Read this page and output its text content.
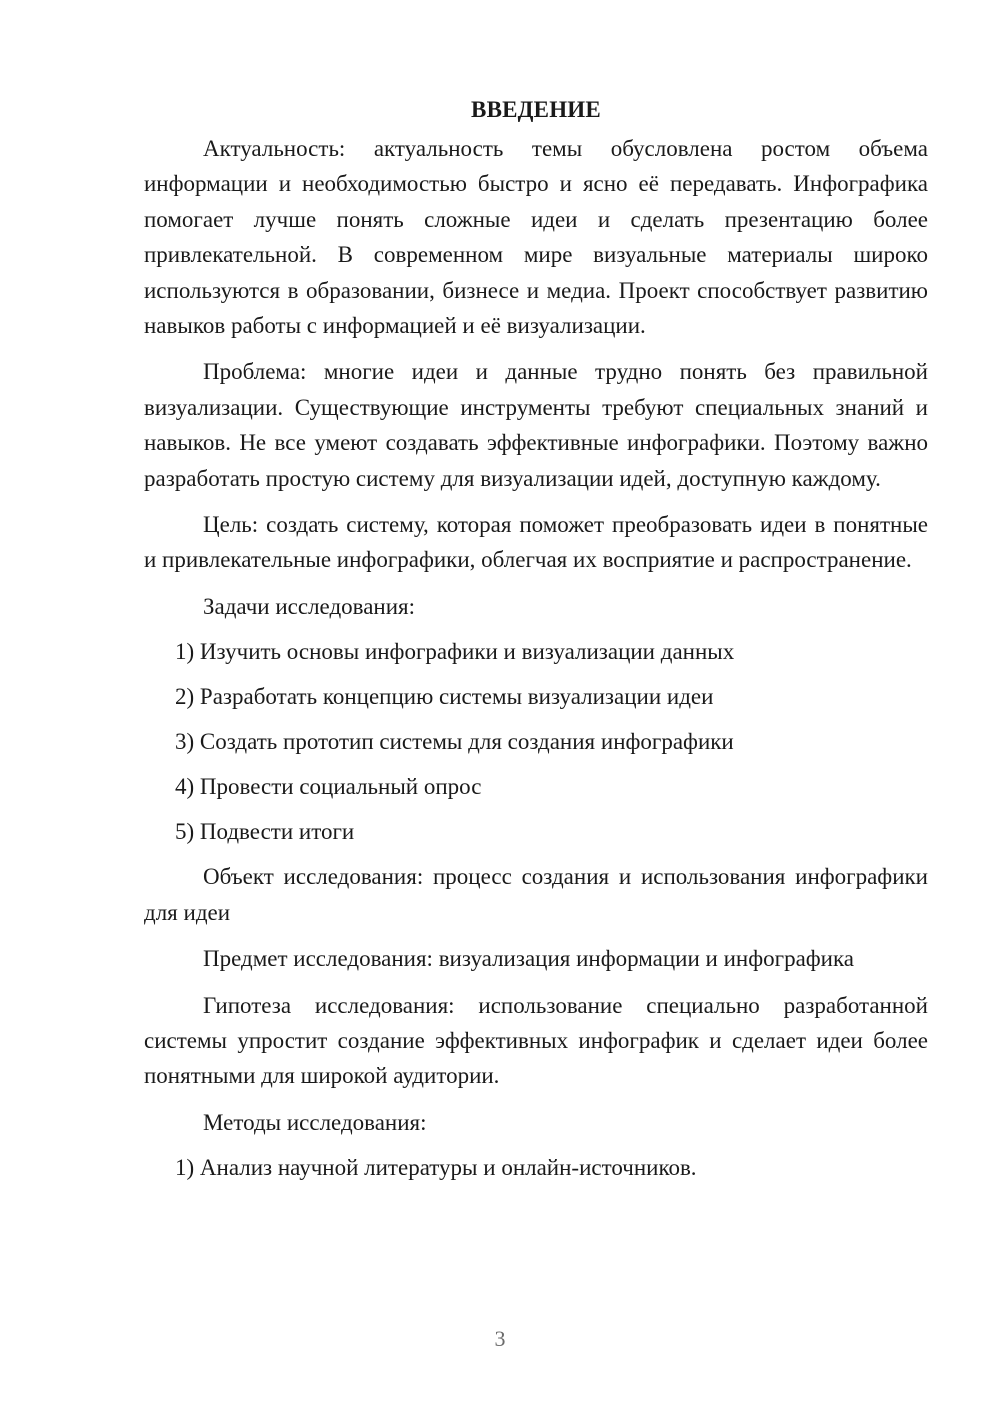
ВВЕДЕНИЕ

Актуальность: актуальность темы обусловлена ростом объема информации и необходимостью быстро и ясно её передавать. Инфографика помогает лучше понять сложные идеи и сделать презентацию более привлекательной. В современном мире визуальные материалы широко используются в образовании, бизнесе и медиа. Проект способствует развитию навыков работы с информацией и её визуализации.

Проблема: многие идеи и данные трудно понять без правильной визуализации. Существующие инструменты требуют специальных знаний и навыков. Не все умеют создавать эффективные инфографики. Поэтому важно разработать простую систему для визуализации идей, доступную каждому.

Цель: создать систему, которая поможет преобразовать идеи в понятные и привлекательные инфографики, облегчая их восприятие и распространение.

Задачи исследования:

1) Изучить основы инфографики и визуализации данных
2) Разработать концепцию системы визуализации идеи
3) Создать прототип системы для создания инфографики
4) Провести социальный опрос
5) Подвести итоги

Объект исследования: процесс создания и использования инфографики для идеи

Предмет исследования: визуализация информации и инфографика

Гипотеза исследования: использование специально разработанной системы упростит создание эффективных инфографик и сделает идеи более понятными для широкой аудитории.

Методы исследования:

1) Анализ научной литературы и онлайн-источников.
3
